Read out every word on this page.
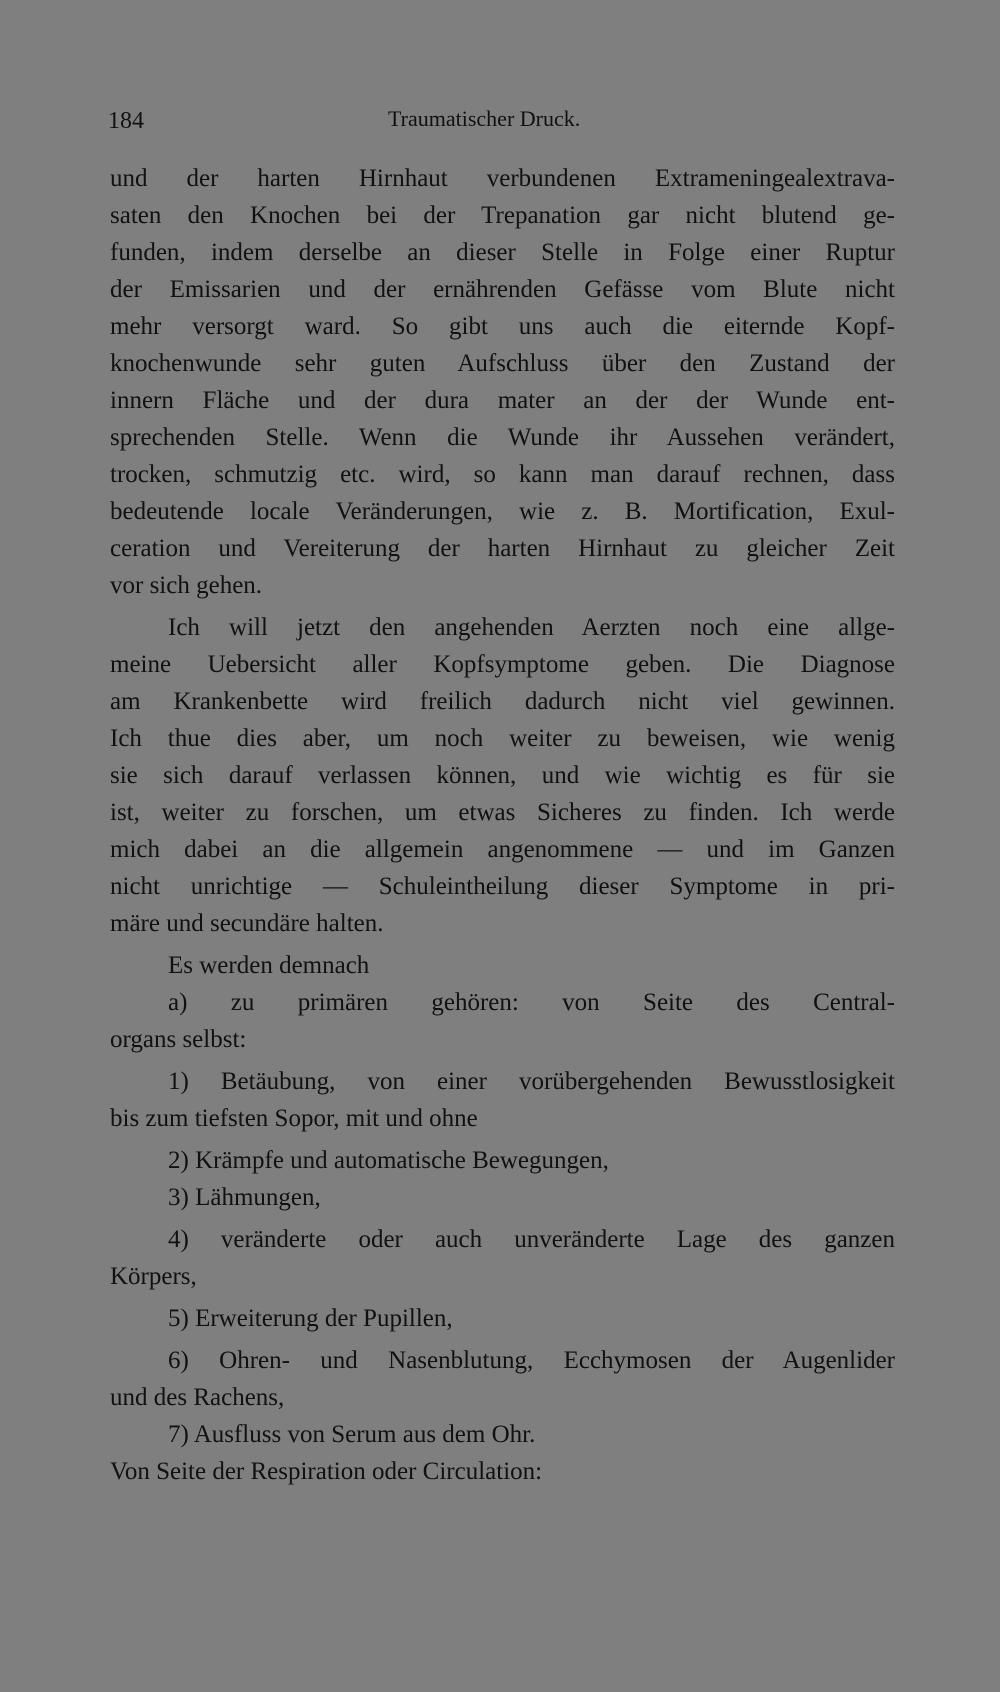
184	Traumatischer Druck.
und der harten Hirnhaut verbundenen Extrameningealextrava-
saten den Knochen bei der Trepanation gar nicht blutend ge-
funden, indem derselbe an dieser Stelle in Folge einer Ruptur
der Emissarien und der ernährenden Gefässe vom Blute nicht
mehr versorgt ward. So gibt uns auch die eiternde Kopf-
knochenwunde sehr guten Aufschluss über den Zustand der
innern Fläche und der dura mater an der der Wunde ent-
sprechenden Stelle. Wenn die Wunde ihr Aussehen verändert,
trocken, schmutzig etc. wird, so kann man darauf rechnen, dass
bedeutende locale Veränderungen, wie z. B. Mortification, Exul-
ceration und Vereiterung der harten Hirnhaut zu gleicher Zeit
vor sich gehen.
Ich will jetzt den angehenden Aerzten noch eine allge-
meine Uebersicht aller Kopfsymptome geben. Die Diagnose
am Krankenbette wird freilich dadurch nicht viel gewinnen.
Ich thue dies aber, um noch weiter zu beweisen, wie wenig
sie sich darauf verlassen können, und wie wichtig es für sie
ist, weiter zu forschen, um etwas Sicheres zu finden. Ich werde
mich dabei an die allgemein angenommene — und im Ganzen
nicht unrichtige — Schuleintheilung dieser Symptome in pri-
märe und secundäre halten.
Es werden demnach
a) zu primären gehören: von Seite des Central-
organs selbst:
1) Betäubung, von einer vorübergehenden Bewusstlosigkeit
bis zum tiefsten Sopor, mit und ohne
2) Krämpfe und automatische Bewegungen,
3) Lähmungen,
4) veränderte oder auch unveränderte Lage des ganzen
Körpers,
5) Erweiterung der Pupillen,
6) Ohren- und Nasenblutung, Ecchymosen der Augenlider
und des Rachens,
7) Ausfluss von Serum aus dem Ohr.
Von Seite der Respiration oder Circulation:
